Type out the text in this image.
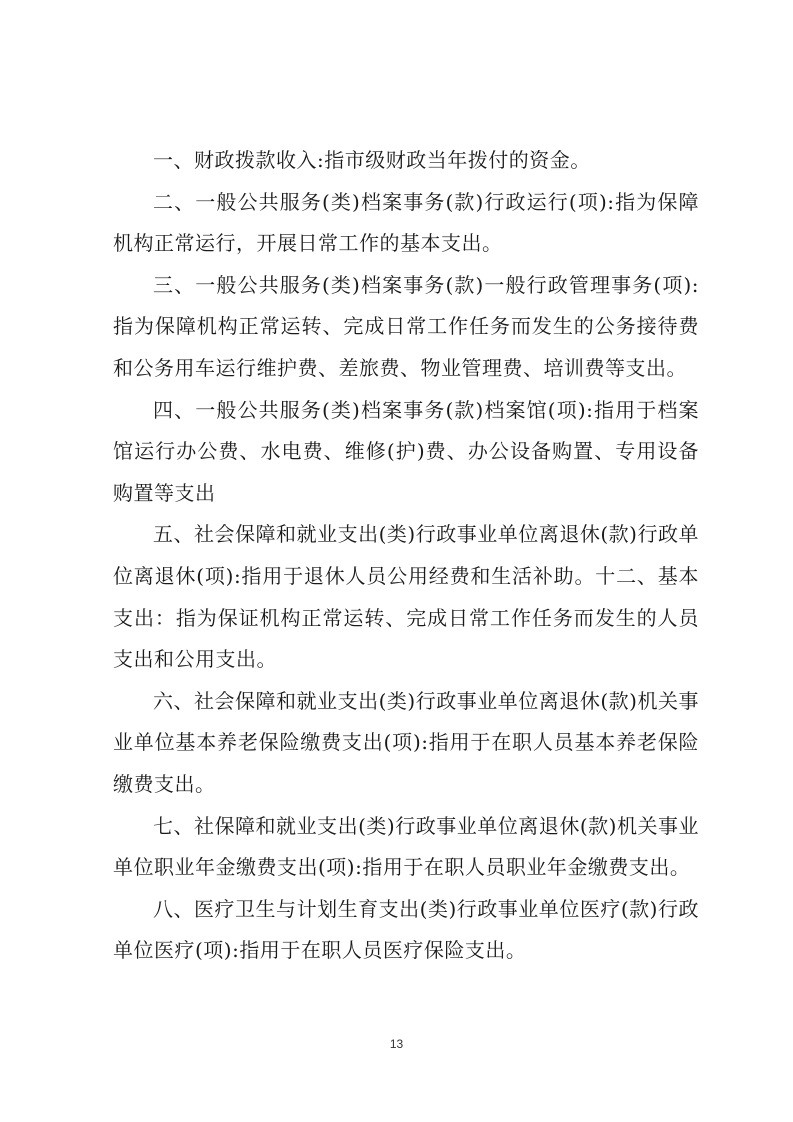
一、财政拨款收入:指市级财政当年拨付的资金。

二、一般公共服务(类)档案事务(款)行政运行(项):指为保障机构正常运行，开展日常工作的基本支出。

三、一般公共服务(类)档案事务(款)一般行政管理事务(项):指为保障机构正常运转、完成日常工作任务而发生的公务接待费和公务用车运行维护费、差旅费、物业管理费、培训费等支出。

四、一般公共服务(类)档案事务(款)档案馆(项):指用于档案馆运行办公费、水电费、维修(护)费、办公设备购置、专用设备购置等支出

五、社会保障和就业支出(类)行政事业单位离退休(款)行政单位离退休(项):指用于退休人员公用经费和生活补助。十二、基本支出：指为保证机构正常运转、完成日常工作任务而发生的人员支出和公用支出。

六、社会保障和就业支出(类)行政事业单位离退休(款)机关事业单位基本养老保险缴费支出(项):指用于在职人员基本养老保险缴费支出。

七、社保障和就业支出(类)行政事业单位离退休(款)机关事业单位职业年金缴费支出(项):指用于在职人员职业年金缴费支出。

八、医疗卫生与计划生育支出(类)行政事业单位医疗(款)行政单位医疗(项):指用于在职人员医疗保险支出。

13
